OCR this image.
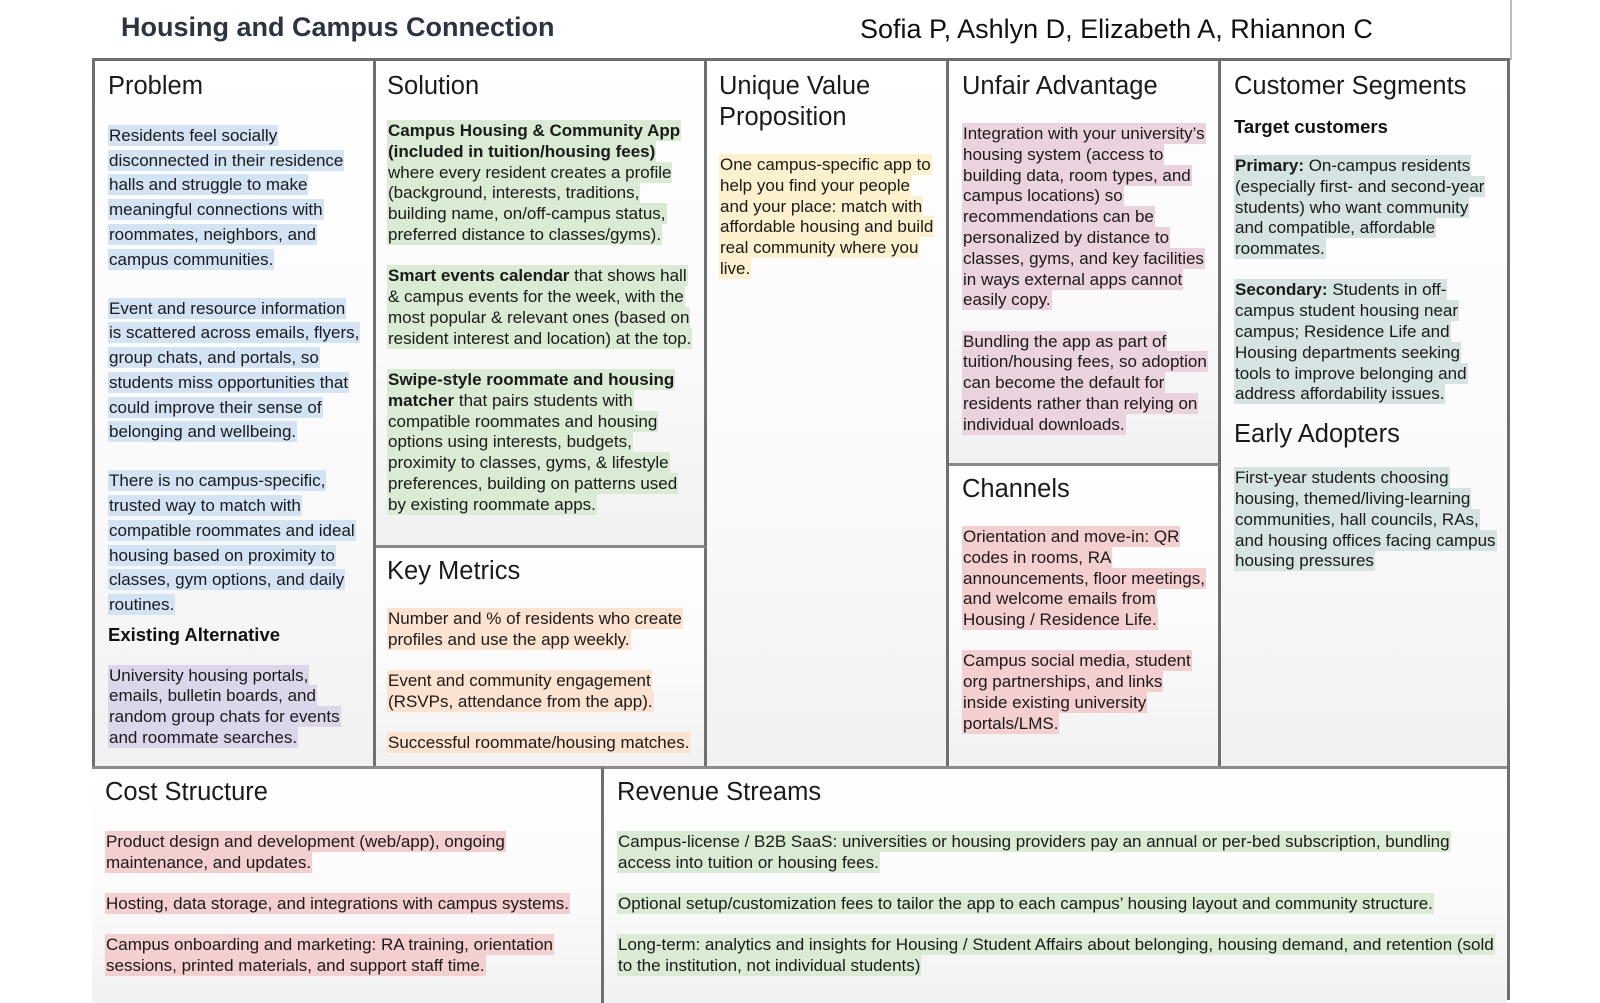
Housing and Campus Connection	Sofia P, Ashlyn D, Elizabeth A, Rhiannon C
Problem

Residents feel socially disconnected in their residence halls and struggle to make meaningful connections with roommates, neighbors, and campus communities.

Event and resource information is scattered across emails, flyers, group chats, and portals, so students miss opportunities that could improve their sense of belonging and wellbeing.

There is no campus-specific, trusted way to match with compatible roommates and ideal housing based on proximity to classes, gym options, and daily routines.

Existing Alternative
University housing portals, emails, bulletin boards, and random group chats for events and roommate searches.
Solution

Campus Housing & Community App (included in tuition/housing fees) where every resident creates a profile (background, interests, traditions, building name, on/off-campus status, preferred distance to classes/gyms).

Smart events calendar that shows hall & campus events for the week, with the most popular & relevant ones (based on resident interest and location) at the top.

Swipe-style roommate and housing matcher that pairs students with compatible roommates and housing options using interests, budgets, proximity to classes, gyms, & lifestyle preferences, building on patterns used by existing roommate apps.

Key Metrics

Number and % of residents who create profiles and use the app weekly.

Event and community engagement (RSVPs, attendance from the app).

Successful roommate/housing matches.

Unique Value Proposition
One campus-specific app to help you find your people and your place: match with affordable housing and build real community where you live.
Unfair Advantage

Integration with your university’s housing system (access to building data, room types, and campus locations) so recommendations can be personalized by distance to classes, gyms, and key facilities in ways external apps cannot easily copy.

Bundling the app as part of tuition/housing fees, so adoption can become the default for residents rather than relying on individual downloads.

Channels

Orientation and move-in: QR codes in rooms, RA announcements, floor meetings, and welcome emails from Housing / Residence Life.

Campus social media, student org partnerships, and links inside existing university portals/LMS.

Customer Segments
Target customers

Primary: On-campus residents (especially first- and second-year students) who want community and compatible, affordable roommates.

Secondary: Students in off-campus student housing near campus; Residence Life and Housing departments seeking tools to improve belonging and address affordability issues.

Early Adopters
First-year students choosing housing, themed/living-learning communities, hall councils, RAs, and housing offices facing campus housing pressures
Cost Structure

Product design and development (web/app), ongoing maintenance, and updates.

Hosting, data storage, and integrations with campus systems.

Campus onboarding and marketing: RA training, orientation sessions, printed materials, and support staff time.

Revenue Streams

Campus-license / B2B SaaS: universities or housing providers pay an annual or per-bed subscription, bundling access into tuition or housing fees.

Optional setup/customization fees to tailor the app to each campus’ housing layout and community structure.

Long-term: analytics and insights for Housing / Student Affairs about belonging, housing demand, and retention (sold to the institution, not individual students)
